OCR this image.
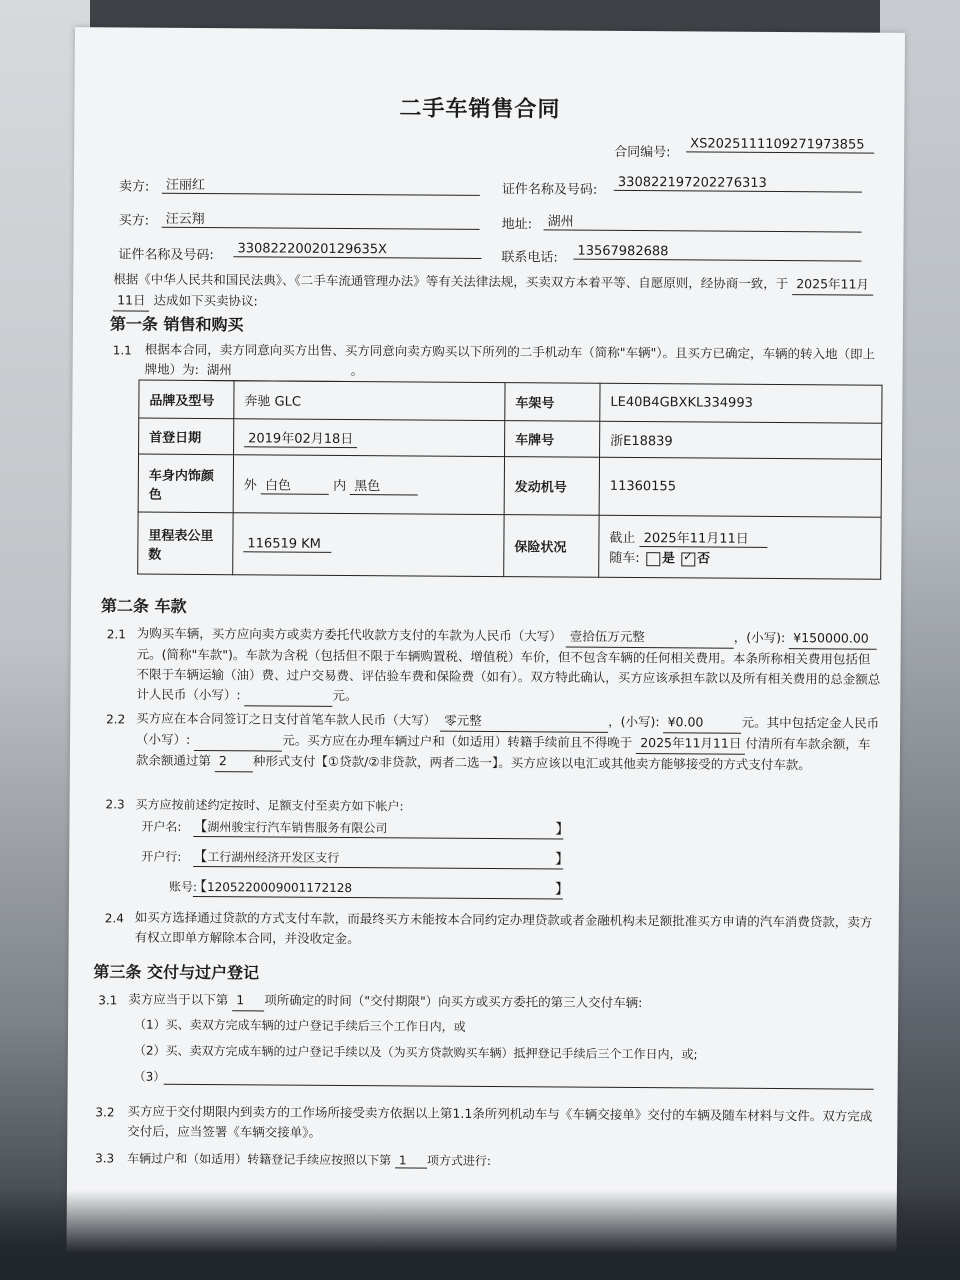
二手车销售合同
合同编号:	XS2025111109271973855
卖方:	汪丽红	证件名称及号码:	330822197202276313
买方:	汪云翔	地址:	湖州
证件名称及号码:	33082220020129635X
联系电话:	13567982688
根据《中华人民共和国民法典》、《二手车流通管理办法》等有关法律法规，买卖双方本着平等、自愿原则，经协商一致，于 2025年11月
11日 达成如下买卖协议:
第一条 销售和购买
1.1 根据本合同，卖方同意向买方出售、买方同意向卖方购买以下所列的二手机动车（简称"车辆"）。且买方已确定，车辆的转入地（即上牌地）为: 湖州	。
品牌及型号	奔驰 GLC	车架号	LE40B4GBXKL334993
首登日期	2019年02月18日	车牌号	浙E18839
车身内饰颜色	外 白色 内 黑色	发动机号	11360155
里程表公里数	116519 KM	保险状况	截止 2025年11月11日
随车: 是 ✓ 否
第二条 车款
2.1 为购买车辆，买方应向卖方或卖方委托代收款方支付的车款为人民币（大写） 壹拾伍万元整	，(小写): ¥150000.00元。(简称"车款")。车款为含税（包括但不限于车辆购置税、增值税）车价，但不包含车辆的任何相关费用。本条所称相关费用包括但不限于车辆运输（油）费、过户交易费、评估验车费和保险费（如有）。双方特此确认，买方应该承担车款以及所有相关费用的总金额总计人民币（小写）:	元。
2.2 买方应在本合同签订之日支付首笔车款人民币（大写） 零元整	，(小写): ¥0.00	元。其中包括定金人民币（小写）:	元。买方应在办理车辆过户和（如适用）转籍手续前且不得晚于 2025年11月11日 付清所有车款余额，车款余额通过第 2 种形式支付【①贷款/②非贷款，两者二选一】。买方应该以电汇或其他卖方能够接受的方式支付车款。
2.3 买方应按前述约定按时、足额支付至卖方如下帐户:
开户名: 【湖州骏宝行汽车销售服务有限公司	】
开户行: 【工行湖州经济开发区支行	】
账号:
【1205220009001172128	】
2.4 如买方选择通过贷款的方式支付车款，而最终买方未能按本合同约定办理贷款或者金融机构未足额批准买方申请的汽车消费贷款，卖方有权立即单方解除本合同，并没收定金。
第三条 交付与过户登记
3.1 卖方应当于以下第 1 项所确定的时间（"交付期限"）向买方或买方委托的第三人交付车辆:
（1）买、卖双方完成车辆的过户登记手续后三个工作日内，或
（2）买、卖双方完成车辆的过户登记手续以及（为买方贷款购买车辆）抵押登记手续后三个工作日内，或;
（3）
3.2 买方应于交付期限内到卖方的工作场所接受卖方依据以上第1.1条所列机动车与《车辆交接单》交付的车辆及随车材料与文件。双方完成交付后，应当签署《车辆交接单》。
3.3 车辆过户和（如适用）转籍登记手续应按照以下第 1 项方式进行:
